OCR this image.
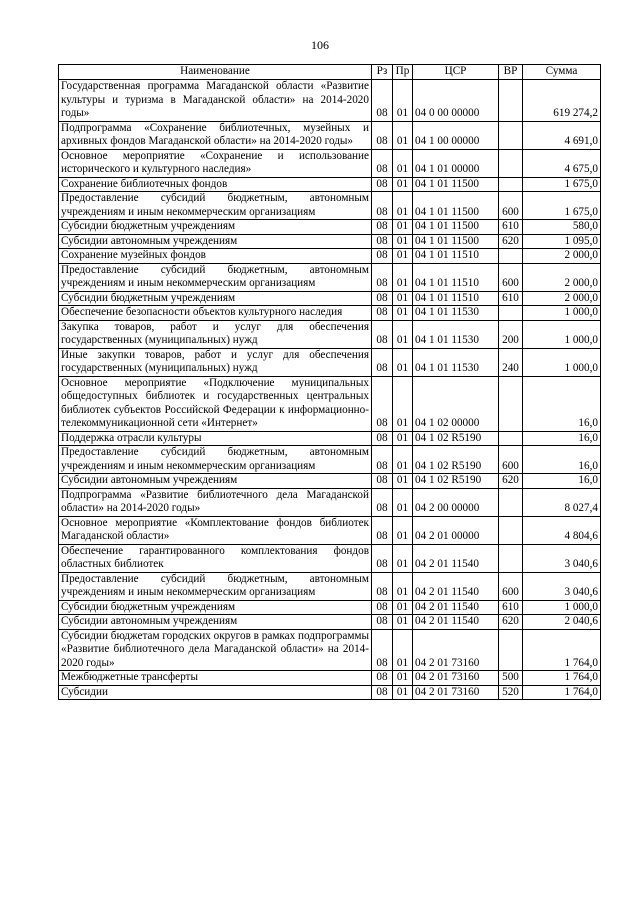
106
Наименование	Рз	Пр	ЦСР	ВР	Сумма
Государственная программа Магаданской области «Развитие культуры и туризма в Магаданской области» на 2014-2020 годы»	08	01	04 0 00 00000		619 274,2
Подпрограмма «Сохранение библиотечных, музейных и архивных фондов Магаданской области» на 2014-2020 годы»	08	01	04 1 00 00000		4 691,0
Основное мероприятие «Сохранение и использование исторического и культурного наследия»	08	01	04 1 01 00000		4 675,0
Сохранение библиотечных фондов	08	01	04 1 01 11500		1 675,0
Предоставление субсидий бюджетным, автономным учреждениям и иным некоммерческим организациям	08	01	04 1 01 11500	600	1 675,0
Субсидии бюджетным учреждениям	08	01	04 1 01 11500	610	580,0
Субсидии автономным учреждениям	08	01	04 1 01 11500	620	1 095,0
Сохранение музейных фондов	08	01	04 1 01 11510		2 000,0
Предоставление субсидий бюджетным, автономным учреждениям и иным некоммерческим организациям	08	01	04 1 01 11510	600	2 000,0
Субсидии бюджетным учреждениям	08	01	04 1 01 11510	610	2 000,0
Обеспечение безопасности объектов культурного наследия	08	01	04 1 01 11530		1 000,0
Закупка товаров, работ и услуг для обеспечения государственных (муниципальных) нужд	08	01	04 1 01 11530	200	1 000,0
Иные закупки товаров, работ и услуг для обеспечения государственных (муниципальных) нужд	08	01	04 1 01 11530	240	1 000,0
Основное мероприятие «Подключение муниципальных общедоступных библиотек и государственных центральных библиотек субъектов Российской Федерации к информационно-телекоммуникационной сети «Интернет»	08	01	04 1 02 00000		16,0
Поддержка отрасли культуры	08	01	04 1 02 R5190		16,0
Предоставление субсидий бюджетным, автономным учреждениям и иным некоммерческим организациям	08	01	04 1 02 R5190	600	16,0
Субсидии автономным учреждениям	08	01	04 1 02 R5190	620	16,0
Подпрограмма «Развитие библиотечного дела Магаданской области» на 2014-2020 годы»	08	01	04 2 00 00000		8 027,4
Основное мероприятие «Комплектование фондов библиотек Магаданской области»	08	01	04 2 01 00000		4 804,6
Обеспечение гарантированного комплектования фондов областных библиотек	08	01	04 2 01 11540		3 040,6
Предоставление субсидий бюджетным, автономным учреждениям и иным некоммерческим организациям	08	01	04 2 01 11540	600	3 040,6
Субсидии бюджетным учреждениям	08	01	04 2 01 11540	610	1 000,0
Субсидии автономным учреждениям	08	01	04 2 01 11540	620	2 040,6
Субсидии бюджетам городских округов в рамках подпрограммы «Развитие библиотечного дела Магаданской области» на 2014-2020 годы»	08	01	04 2 01 73160		1 764,0
Межбюджетные трансферты	08	01	04 2 01 73160	500	1 764,0
Субсидии	08	01	04 2 01 73160	520	1 764,0
